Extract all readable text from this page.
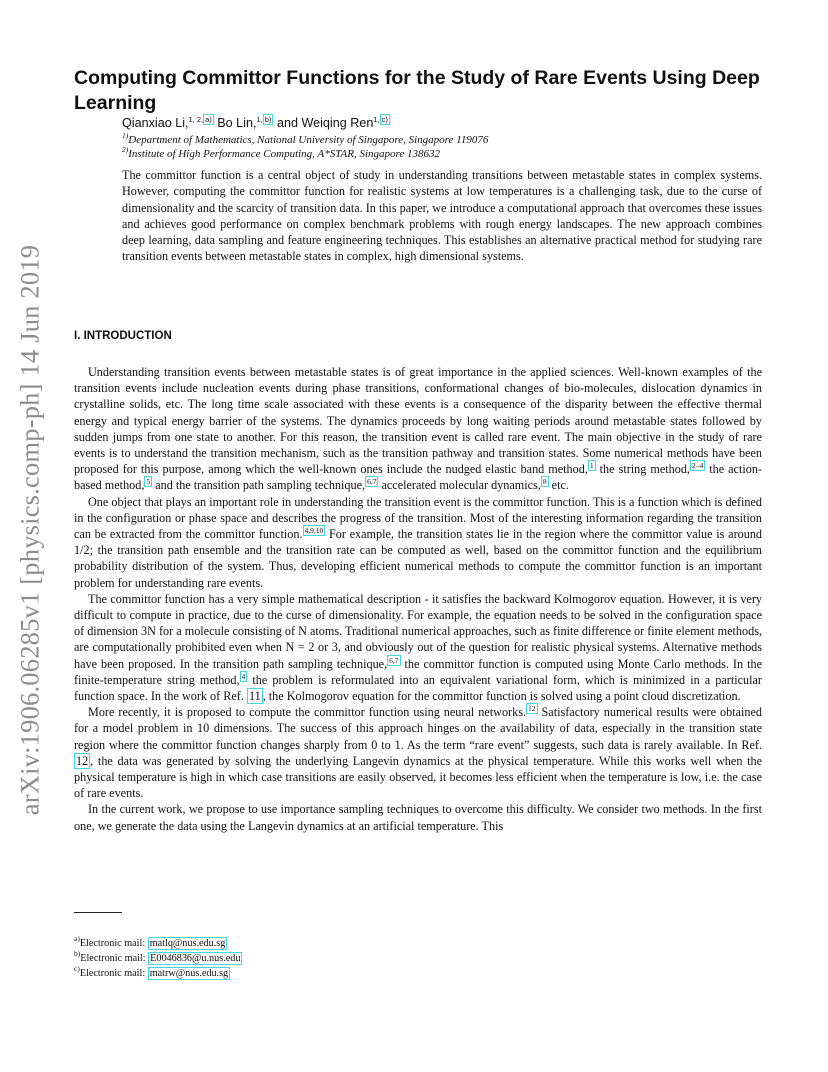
arXiv:1906.06285v1 [physics.comp-ph] 14 Jun 2019
Computing Committor Functions for the Study of Rare Events Using Deep Learning
Qianxiao Li,$^{1, 2, a)}$ Bo Lin,$^{1, b)}$ and Weiqing Ren$^{1, c)}$
$^{1)}$Department of Mathematics, National University of Singapore, Singapore 119076
$^{2)}$Institute of High Performance Computing, A*STAR, Singapore 138632
The committor function is a central object of study in understanding transitions between metastable states in complex systems. However, computing the committor function for realistic systems at low temperatures is a challenging task, due to the curse of dimensionality and the scarcity of transition data. In this paper, we introduce a computational approach that overcomes these issues and achieves good performance on complex benchmark problems with rough energy landscapes. The new approach combines deep learning, data sampling and feature engineering techniques. This establishes an alternative practical method for studying rare transition events between metastable states in complex, high dimensional systems.
I. INTRODUCTION

Understanding transition events between metastable states is of great importance in the applied sciences. Well-known examples of the transition events include nucleation events during phase transitions, conformational changes of bio-molecules, dislocation dynamics in crystalline solids, etc. The long time scale associated with these events is a consequence of the disparity between the effective thermal energy and typical energy barrier of the systems. The dynamics proceeds by long waiting periods around metastable states followed by sudden jumps from one state to another. For this reason, the transition event is called rare event. The main objective in the study of rare events is to understand the transition mechanism, such as the transition pathway and transition states. Some numerical methods have been proposed for this purpose, among which the well-known ones include the nudged elastic band method, $^1$ the string method, $^{2-4}$ the action-based method, $^5$ and the transition path sampling technique, $^{6,7}$ accelerated molecular dynamics, $^8$ etc.

One object that plays an important role in understanding the transition event is the committor function. This is a function which is defined in the configuration or phase space and describes the progress of the transition. Most of the interesting information regarding the transition can be extracted from the committor function. $^{4,9,10}$ For example, the transition states lie in the region where the committor value is around 1/2; the transition path ensemble and the transition rate can be computed as well, based on the committor function and the equilibrium probability distribution of the system. Thus, developing efficient numerical methods to compute the committor function is an important problem for understanding rare events.

The committor function has a very simple mathematical description - it satisfies the backward Kolmogorov equation. However, it is very difficult to compute in practice, due to the curse of dimensionality. For example, the equation needs to be solved in the configuration space of dimension 3N for a molecule consisting of N atoms. Traditional numerical approaches, such as finite difference or finite element methods, are computationally prohibited even when N = 2 or 3, and obviously out of the question for realistic physical systems. Alternative methods have been proposed. In the transition path sampling technique, $^{6,7}$ the committor function is computed using Monte Carlo methods. In the finite-temperature string method, $^4$ the problem is reformulated into an equivalent variational form, which is minimized in a particular function space. In the work of Ref. 11 , the Kolmogorov equation for the committor function is solved using a point cloud discretization.

More recently, it is proposed to compute the committor function using neural networks. $^{12}$ Satisfactory numerical results were obtained for a model problem in 10 dimensions. The success of this approach hinges on the availability of data, especially in the transition state region where the committor function changes sharply from 0 to 1. As the term “rare event” suggests, such data is rarely available. In Ref. 12 , the data was generated by solving the underlying Langevin dynamics at the physical temperature. While this works well when the physical temperature is high in which case transitions are easily observed, it becomes less efficient when the temperature is low, i.e. the case of rare events.

In the current work, we propose to use importance sampling techniques to overcome this difficulty. We consider two methods. In the first one, we generate the data using the Langevin dynamics at an artificial temperature. This

$^{a)}$Electronic mail: matlq@nus.edu.sg
$^{b)}$Electronic mail: E0046836@u.nus.edu
$^{c)}$Electronic mail: matrw@nus.edu.sg
